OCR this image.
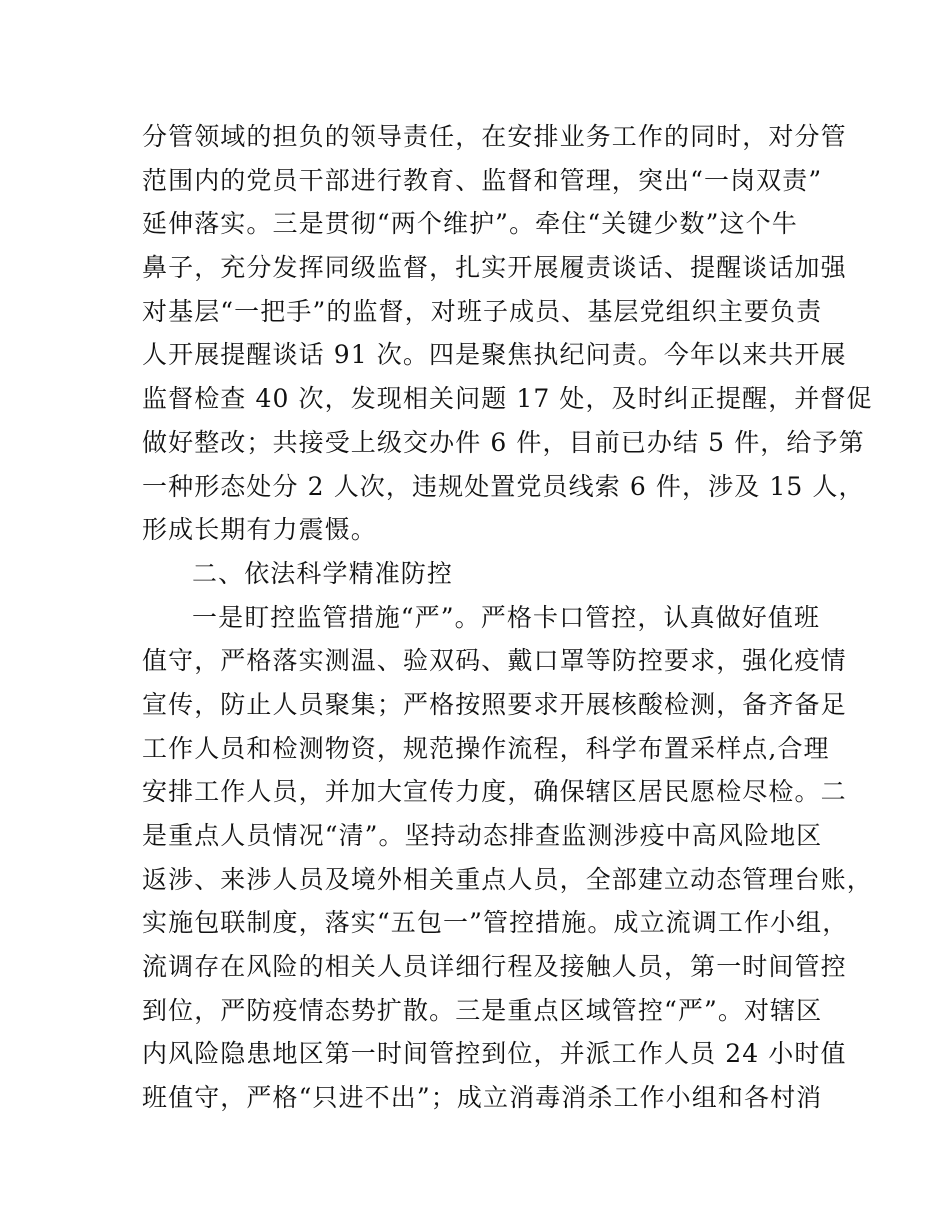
分管领域的担负的领导责任，在安排业务工作的同时，对分管
范围内的党员干部进行教育、监督和管理，突出“一岗双责”
延伸落实。三是贯彻“两个维护”。牵住“关键少数”这个牛
鼻子，充分发挥同级监督，扎实开展履责谈话、提醒谈话加强
对基层“一把手”的监督，对班子成员、基层党组织主要负责
人开展提醒谈话 91 次。四是聚焦执纪问责。今年以来共开展
监督检查 40 次，发现相关问题 17 处，及时纠正提醒，并督促
做好整改；共接受上级交办件 6 件，目前已办结 5 件，给予第
一种形态处分 2 人次，违规处置党员线索 6 件，涉及 15 人，
形成长期有力震慑。
二、依法科学精准防控
一是盯控监管措施“严”。严格卡口管控，认真做好值班
值守，严格落实测温、验双码、戴口罩等防控要求，强化疫情
宣传，防止人员聚集；严格按照要求开展核酸检测，备齐备足
工作人员和检测物资，规范操作流程，科学布置采样点,合理
安排工作人员，并加大宣传力度，确保辖区居民愿检尽检。二
是重点人员情况“清”。坚持动态排查监测涉疫中高风险地区
返涉、来涉人员及境外相关重点人员，全部建立动态管理台账，
实施包联制度，落实“五包一”管控措施。成立流调工作小组，
流调存在风险的相关人员详细行程及接触人员，第一时间管控
到位，严防疫情态势扩散。三是重点区域管控“严”。对辖区
内风险隐患地区第一时间管控到位，并派工作人员 24 小时值
班值守，严格“只进不出”；成立消毒消杀工作小组和各村消
